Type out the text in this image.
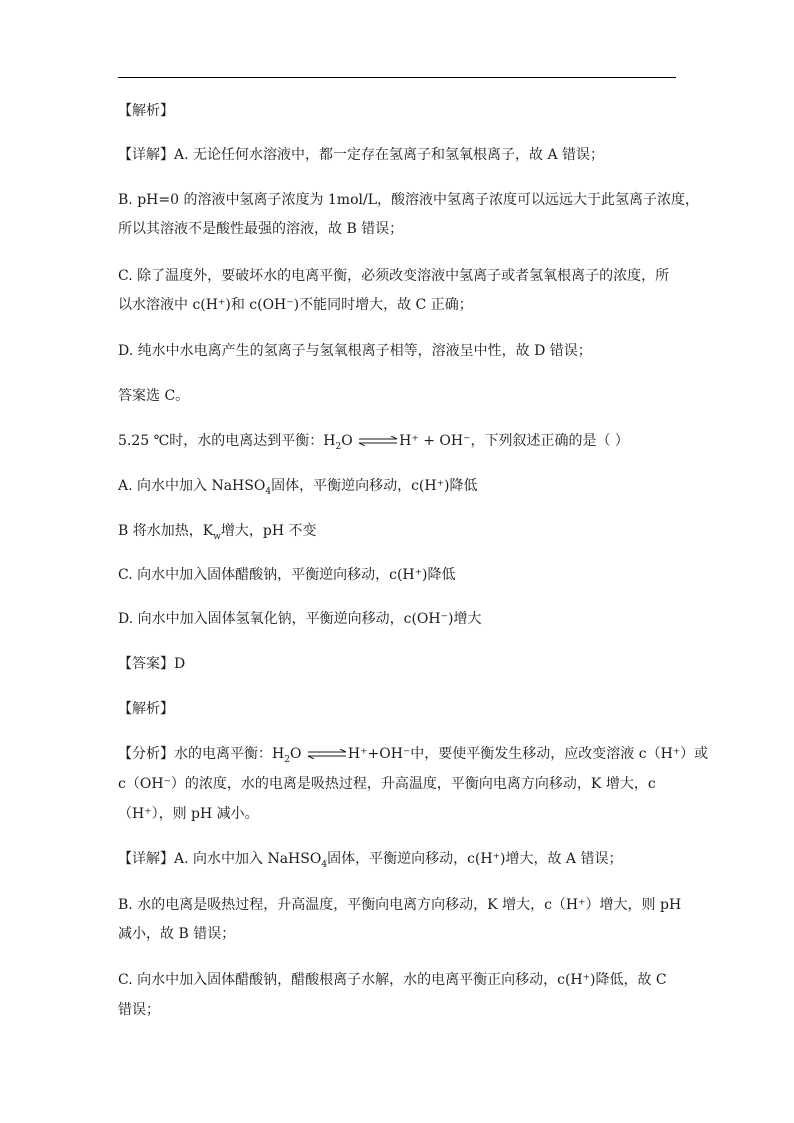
【解析】
【详解】A. 无论任何水溶液中，都一定存在氢离子和氢氧根离子，故 A 错误；
B. pH=0 的溶液中氢离子浓度为 1mol/L，酸溶液中氢离子浓度可以远远大于此氢离子浓度，
所以其溶液不是酸性最强的溶液，故 B 错误；
C. 除了温度外，要破坏水的电离平衡，必须改变溶液中氢离子或者氢氧根离子的浓度，所
以水溶液中 c(H⁺)和 c(OH⁻)不能同时增大，故 C 正确；
D. 纯水中水电离产生的氢离子与氢氧根离子相等，溶液呈中性，故 D 错误；
答案选 C。
5.25 ℃时，水的电离达到平衡：$H_2O$ ⇌H⁺ + OH⁻，下列叙述正确的是（ ）
A. 向水中加入 NaHSO$_4$固体，平衡逆向移动，c(H⁺)降低
B 将水加热，$K_w$增大，pH 不变
C. 向水中加入固体醋酸钠，平衡逆向移动，c(H⁺)降低
D. 向水中加入固体氢氧化钠，平衡逆向移动，c(OH⁻)增大
【答案】D
【解析】
【分析】水的电离平衡：$H_2O$ ⇌H⁺+OH⁻中，要使平衡发生移动，应改变溶液 c（H⁺）或
c（OH⁻）的浓度，水的电离是吸热过程，升高温度，平衡向电离方向移动，K 增大，c
（H⁺），则 pH 减小。
【详解】A. 向水中加入 NaHSO$_4$固体，平衡逆向移动，c(H⁺)增大，故 A 错误；
B. 水的电离是吸热过程，升高温度，平衡向电离方向移动，K 增大，c（H⁺）增大，则 pH
减小，故 B 错误；
C. 向水中加入固体醋酸钠，醋酸根离子水解，水的电离平衡正向移动，c(H⁺)降低，故 C
错误；
